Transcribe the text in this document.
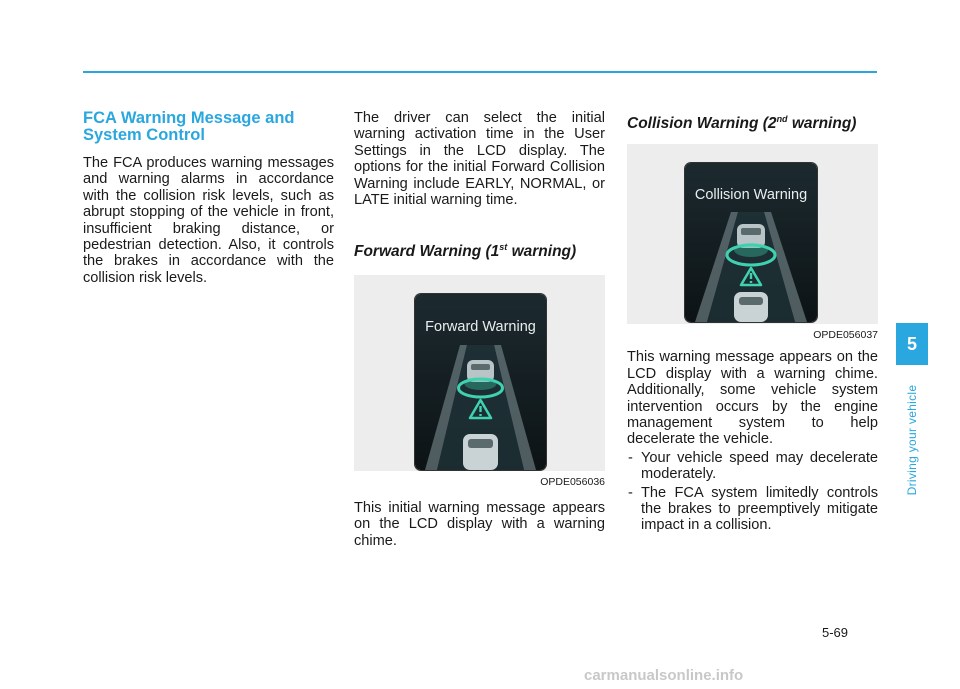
FCA Warning Message and System Control

The FCA produces warning messages and warning alarms in accordance with the collision risk levels, such as abrupt stopping of the vehicle in front, insufficient braking distance, or pedestrian detection. Also, it controls the brakes in accordance with the collision risk levels.

The driver can select the initial warning activation time in the User Settings in the LCD display. The options for the initial Forward Collision Warning include EARLY, NORMAL, or LATE initial warning time.

Forward Warning (1st warning)
Forward Warning
OPDE056036

This initial warning message appears on the LCD display with a warning chime.

Collision Warning (2nd warning)
Collision Warning
OPDE056037

This warning message appears on the LCD display with a warning chime. Additionally, some vehicle system intervention occurs by the engine management system to help decelerate the vehicle.

- Your vehicle speed may decelerate moderately.
- The FCA system limitedly controls the brakes to preemptively mitigate impact in a collision.
5
Driving your vehicle
5-69
carmanualsonline.info
